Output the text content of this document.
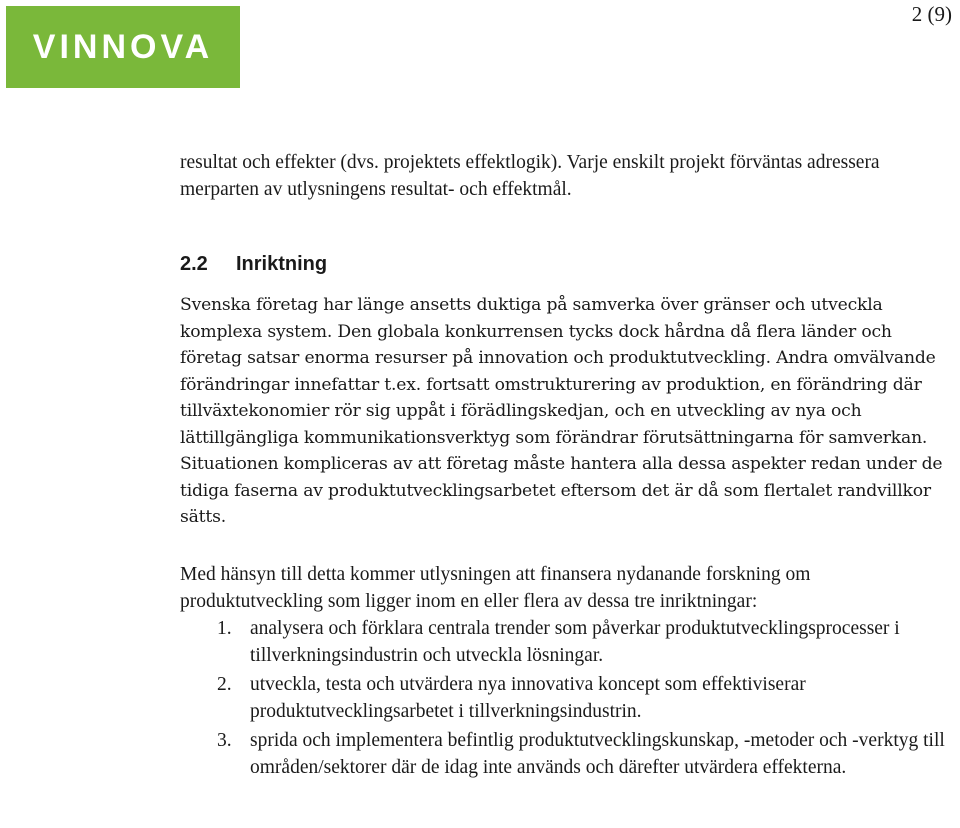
VINNOVA
2 (9)

resultat och effekter (dvs. projektets effektlogik). Varje enskilt projekt förväntas adressera merparten av utlysningens resultat- och effektmål.

2.2 Inriktning

Svenska företag har länge ansetts duktiga på samverka över gränser och utveckla komplexa system. Den globala konkurrensen tycks dock hårdna då flera länder och företag satsar enorma resurser på innovation och produktutveckling. Andra omvälvande förändringar innefattar t.ex. fortsatt omstrukturering av produktion, en förändring där tillväxtekonomier rör sig uppåt i förädlingskedjan, och en utveckling av nya och lättillgängliga kommunikationsverktyg som förändrar förutsättningarna för samverkan. Situationen kompliceras av att företag måste hantera alla dessa aspekter redan under de tidiga faserna av produktutvecklingsarbetet eftersom det är då som flertalet randvillkor sätts.

Med hänsyn till detta kommer utlysningen att finansera nydanande forskning om produktutveckling som ligger inom en eller flera av dessa tre inriktningar:

1. analysera och förklara centrala trender som påverkar produktutvecklingsprocesser i tillverkningsindustrin och utveckla lösningar.
2. utveckla, testa och utvärdera nya innovativa koncept som effektiviserar produktutvecklingsarbetet i tillverkningsindustrin.
3. sprida och implementera befintlig produktutvecklingskunskap, -metoder och -verktyg till områden/sektorer där de idag inte används och därefter utvärdera effekterna.
